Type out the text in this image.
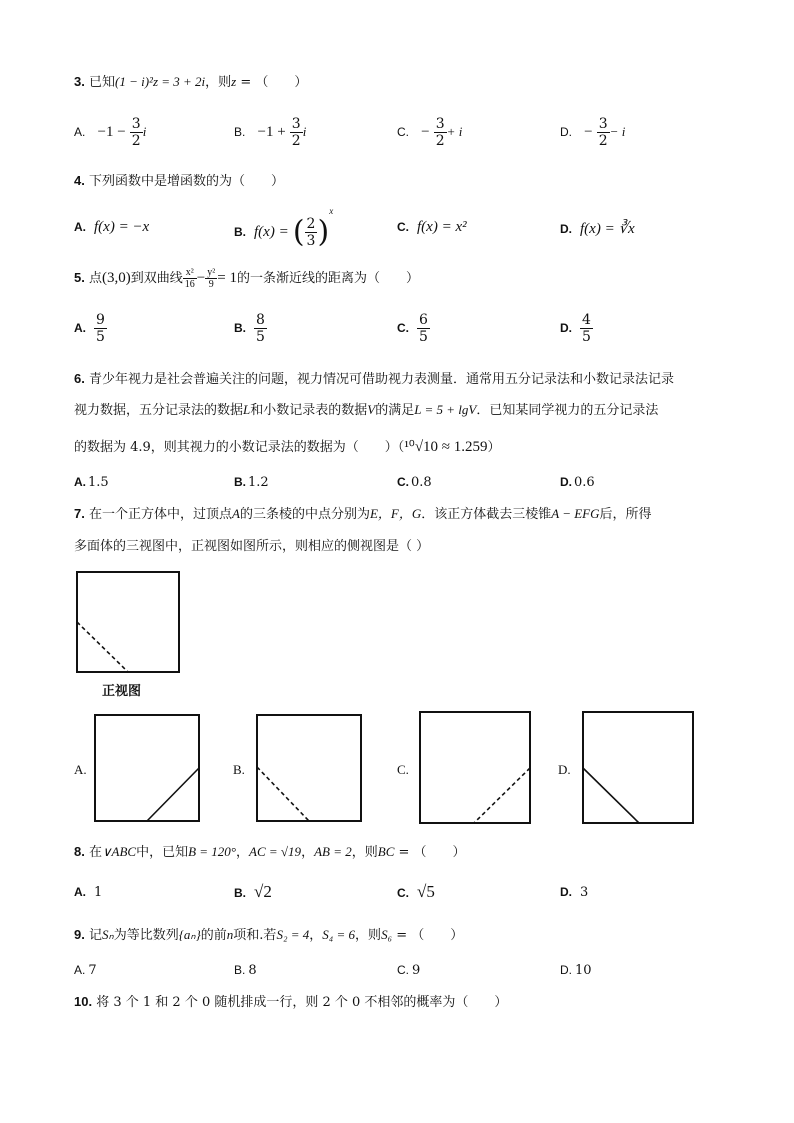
3. 已知(1 − i)²z = 3 + 2i，则z = （　　）
A. $-1 - \frac{3}{2}$ i	B. $-1 + \frac{3}{2}$ i	C. − $\frac{3}{2} + i$	D. − $\frac{3}{2} - i$
4. 下列函数中是增函数的为（　　）
A. f(x) = −x	B. f(x) = ( $\frac{2}{3} )^x$
C. f(x) = x²	D. f(x) = ∛x
5. 点(3,0)到双曲线 $\frac{\text{x²}}{16} - \frac{\text{y²}}{9} = 1$的一条渐近线的距离为（　　）
A. $\frac{9}{5}$	B. $\frac{8}{5}$	C. $\frac{6}{5}$	D. $\frac{4}{5}$
6. 青少年视力是社会普遍关注的问题，视力情况可借助视力表测量．通常用五分记录法和小数记录法记录
视力数据，五分记录法的数据L和小数记录表的数据V的满足L = 5 + lgV．已知某同学视力的五分记录法
的数据为 4.9，则其视力的小数记录法的数据为（　　）（¹⁰√10 ≈ 1.259）
A. 1.5	B. 1.2	C. 0.8	D. 0.6
7. 在一个正方体中，过顶点A的三条棱的中点分别为E，F，G．该正方体截去三棱锥A − EFG后，所得
多面体的三视图中，正视图如图所示，则相应的侧视图是（ ）
正视图
A.	B.	C.	D.
8. 在∨ABC中，已知B = 120°，AC = √19，AB = 2，则BC = （　　）
A. 1	B. √2	C. √5	D. 3
9. 记Sₙ为等比数列{aₙ}的前n项和.若S₂ = 4，S₄ = 6，则S₆ = （　　）
A. 7	B. 8	C. 9	D. 10
10. 将 3 个 1 和 2 个 0 随机排成一行，则 2 个 0 不相邻的概率为（　　）
